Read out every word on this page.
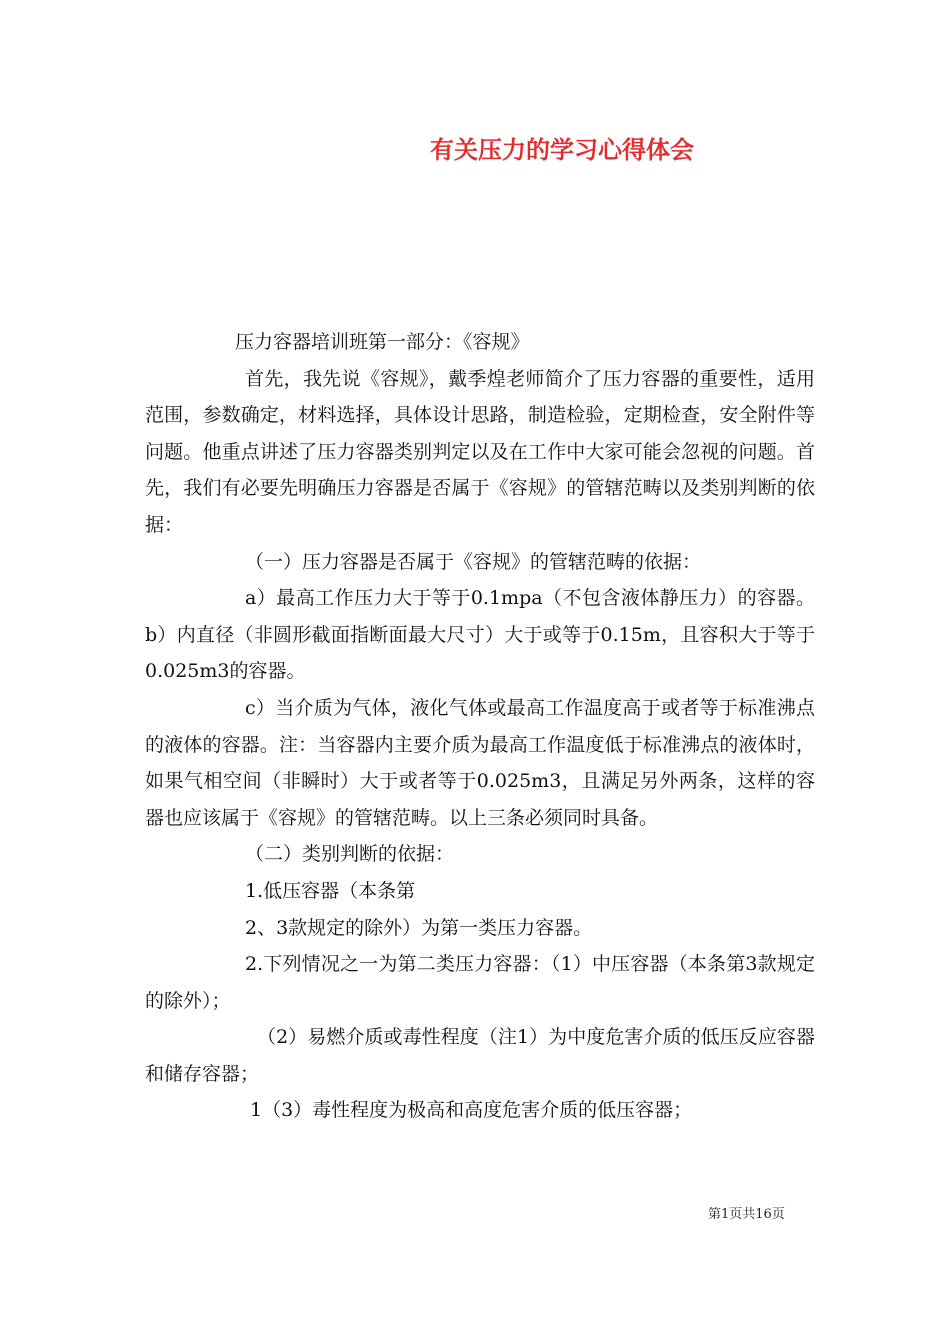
有关压力的学习心得体会

压力容器培训班第一部分：《容规》

首先，我先说《容规》，戴季煌老师简介了压力容器的重要性，适用范围，参数确定，材料选择，具体设计思路，制造检验，定期检查，安全附件等问题。他重点讲述了压力容器类别判定以及在工作中大家可能会忽视的问题。首先，我们有必要先明确压力容器是否属于《容规》的管辖范畴以及类别判断的依据：

（一）压力容器是否属于《容规》的管辖范畴的依据：

a）最高工作压力大于等于0.1mpa（不包含液体静压力）的容器。b）内直径（非圆形截面指断面最大尺寸）大于或等于0.15m，且容积大于等于0.025m3的容器。

c）当介质为气体，液化气体或最高工作温度高于或者等于标准沸点的液体的容器。注：当容器内主要介质为最高工作温度低于标准沸点的液体时，如果气相空间（非瞬时）大于或者等于0.025m3，且满足另外两条，这样的容器也应该属于《容规》的管辖范畴。以上三条必须同时具备。

（二）类别判断的依据：

1.低压容器（本条第

2、3款规定的除外）为第一类压力容器。

2.下列情况之一为第二类压力容器：（1）中压容器（本条第3款规定的除外）；

（2）易燃介质或毒性程度（注1）为中度危害介质的低压反应容器和储存容器；

1（3）毒性程度为极高和高度危害介质的低压容器；

第1页共16页
